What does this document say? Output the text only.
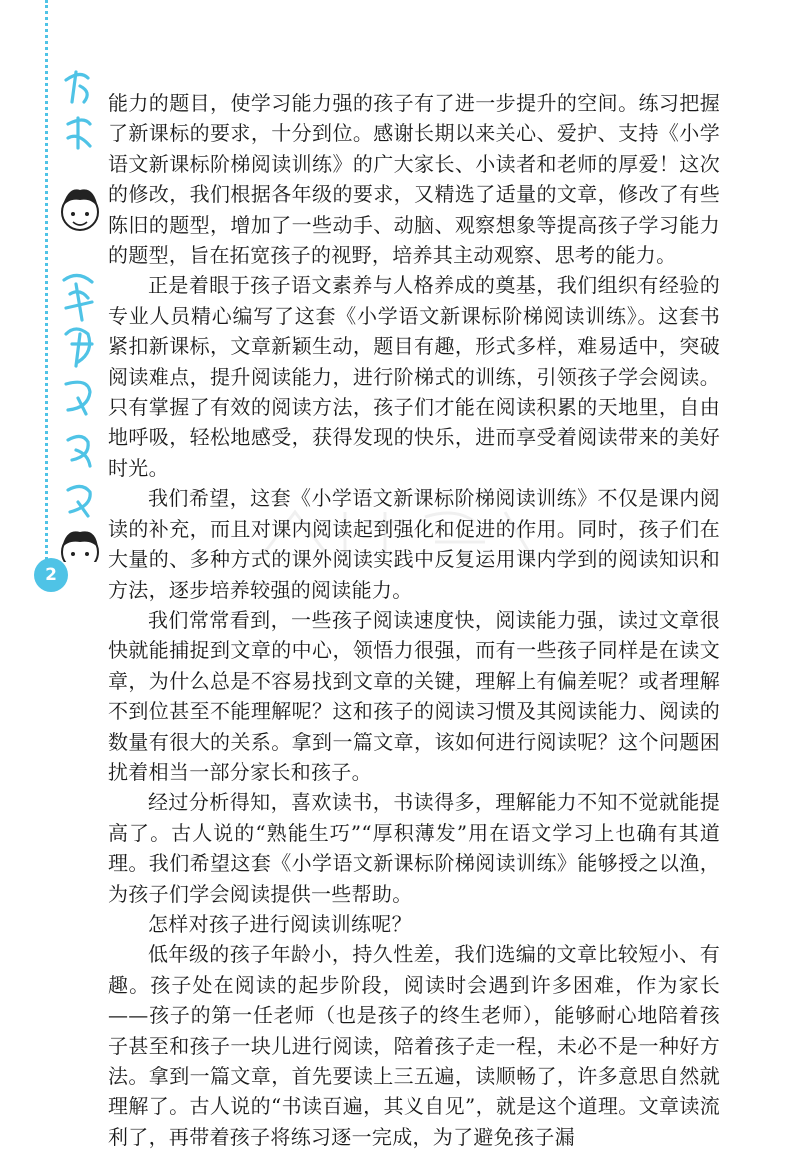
2

能力的题目，使学习能力强的孩子有了进一步提升的空间。练习把握了新课标的要求，十分到位。感谢长期以来关心、爱护、支持《小学语文新课标阶梯阅读训练》的广大家长、小读者和老师的厚爱！这次的修改，我们根据各年级的要求，又精选了适量的文章，修改了有些陈旧的题型，增加了一些动手、动脑、观察想象等提高孩子学习能力的题型，旨在拓宽孩子的视野，培养其主动观察、思考的能力。

正是着眼于孩子语文素养与人格养成的奠基，我们组织有经验的专业人员精心编写了这套《小学语文新课标阶梯阅读训练》。这套书紧扣新课标，文章新颖生动，题目有趣，形式多样，难易适中，突破阅读难点，提升阅读能力，进行阶梯式的训练，引领孩子学会阅读。只有掌握了有效的阅读方法，孩子们才能在阅读积累的天地里，自由地呼吸，轻松地感受，获得发现的快乐，进而享受着阅读带来的美好时光。

我们希望，这套《小学语文新课标阶梯阅读训练》不仅是课内阅读的补充，而且对课内阅读起到强化和促进的作用。同时，孩子们在大量的、多种方式的课外阅读实践中反复运用课内学到的阅读知识和方法，逐步培养较强的阅读能力。

我们常常看到，一些孩子阅读速度快，阅读能力强，读过文章很快就能捕捉到文章的中心，领悟力很强，而有一些孩子同样是在读文章，为什么总是不容易找到文章的关键，理解上有偏差呢？或者理解不到位甚至不能理解呢？这和孩子的阅读习惯及其阅读能力、阅读的数量有很大的关系。拿到一篇文章，该如何进行阅读呢？这个问题困扰着相当一部分家长和孩子。

经过分析得知，喜欢读书，书读得多，理解能力不知不觉就能提高了。古人说的“熟能生巧”“厚积薄发”用在语文学习上也确有其道理。我们希望这套《小学语文新课标阶梯阅读训练》能够授之以渔，为孩子们学会阅读提供一些帮助。

怎样对孩子进行阅读训练呢？

低年级的孩子年龄小，持久性差，我们选编的文章比较短小、有趣。孩子处在阅读的起步阶段，阅读时会遇到许多困难，作为家长——孩子的第一任老师（也是孩子的终生老师），能够耐心地陪着孩子甚至和孩子一块儿进行阅读，陪着孩子走一程，未必不是一种好方法。拿到一篇文章，首先要读上三五遍，读顺畅了，许多意思自然就理解了。古人说的“书读百遍，其义自见”，就是这个道理。文章读流利了，再带着孩子将练习逐一完成，为了避免孩子漏
